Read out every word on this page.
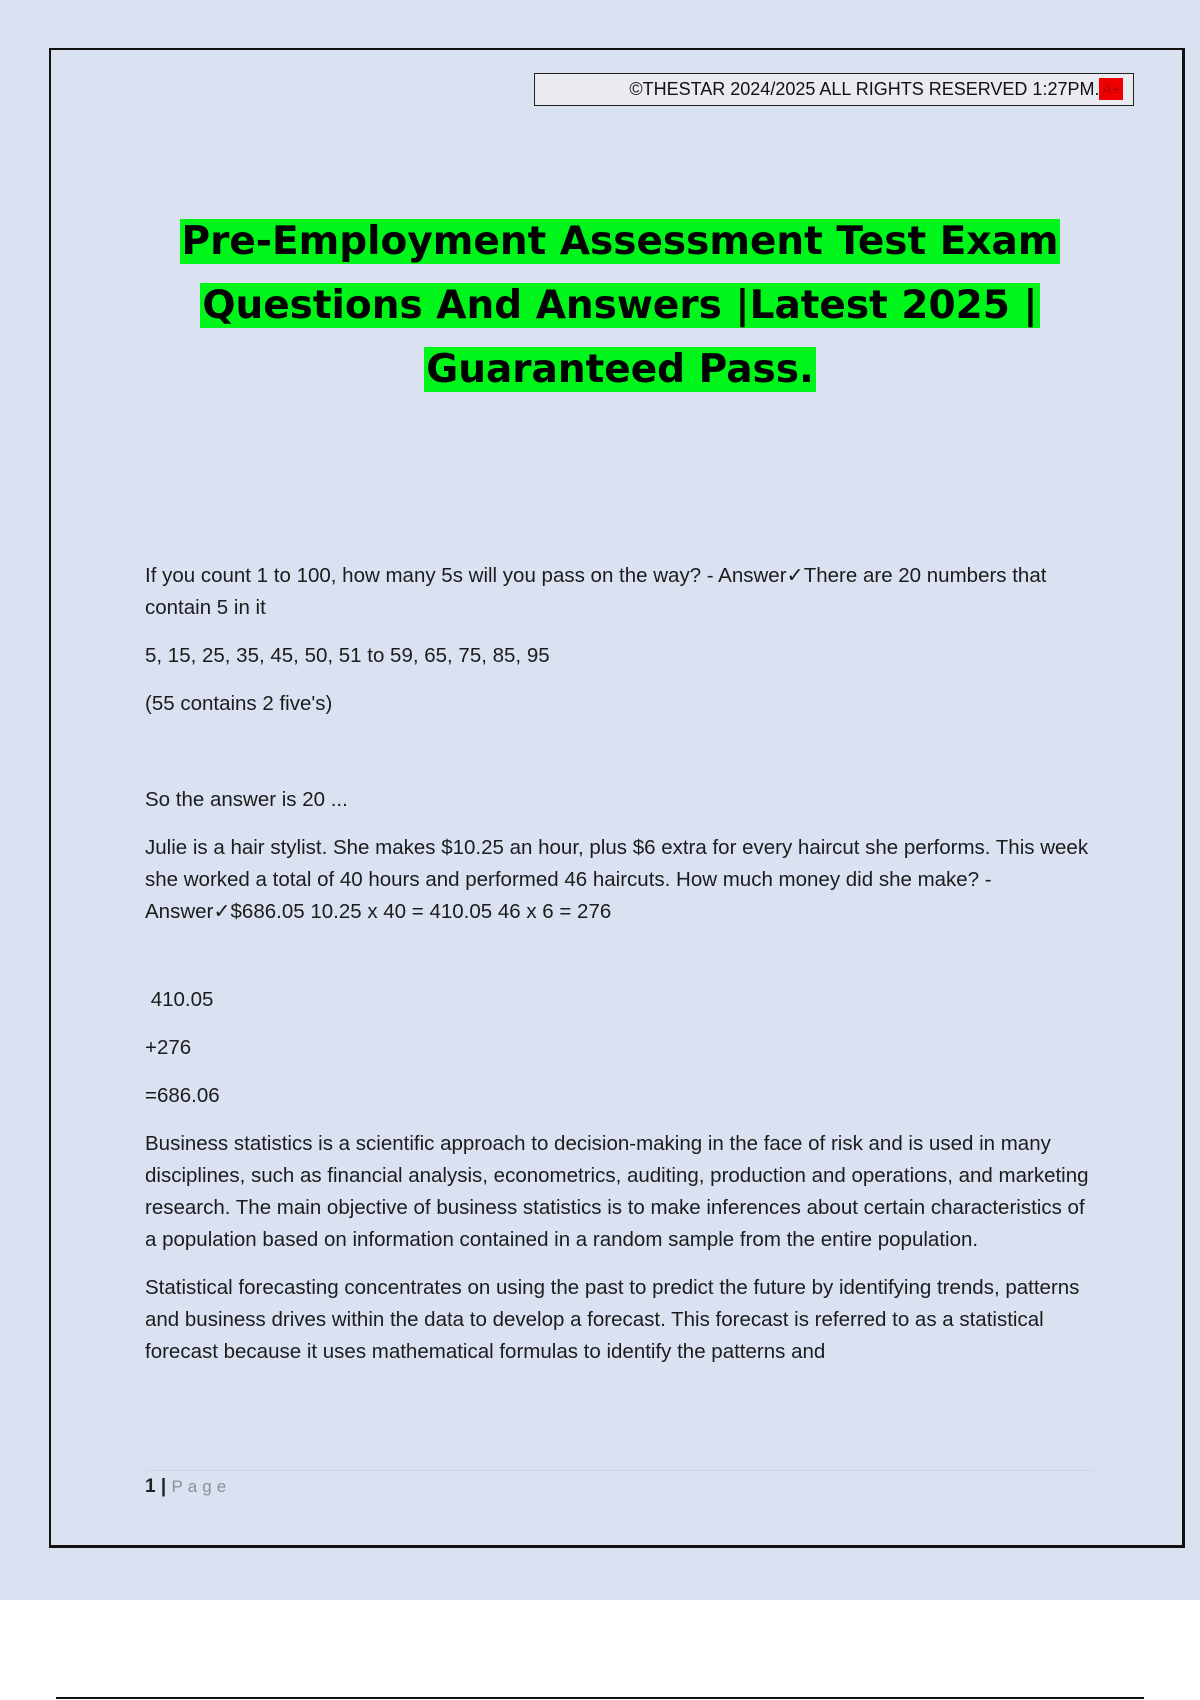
©THESTAR 2024/2025 ALL RIGHTS RESERVED 1:27PM. A+
Pre-Employment Assessment Test Exam
Questions And Answers |Latest 2025 |
Guaranteed Pass.

If you count 1 to 100, how many 5s will you pass on the way? - Answer✓There are 20 numbers that contain 5 in it

5, 15, 25, 35, 45, 50, 51 to 59, 65, 75, 85, 95

(55 contains 2 five's)

So the answer is 20 ...

Julie is a hair stylist. She makes $10.25 an hour, plus $6 extra for every haircut she performs. This week she worked a total of 40 hours and performed 46 haircuts. How much money did she make? - Answer✓$686.05 10.25 x 40 = 410.05 46 x 6 = 276

410.05

+276

=686.06

Business statistics is a scientific approach to decision-making in the face of risk and is used in many disciplines, such as financial analysis, econometrics, auditing, production and operations, and marketing research. The main objective of business statistics is to make inferences about certain characteristics of a population based on information contained in a random sample from the entire population.

Statistical forecasting concentrates on using the past to predict the future by identifying trends, patterns and business drives within the data to develop a forecast. This forecast is referred to as a statistical forecast because it uses mathematical formulas to identify the patterns and

1 | Page
